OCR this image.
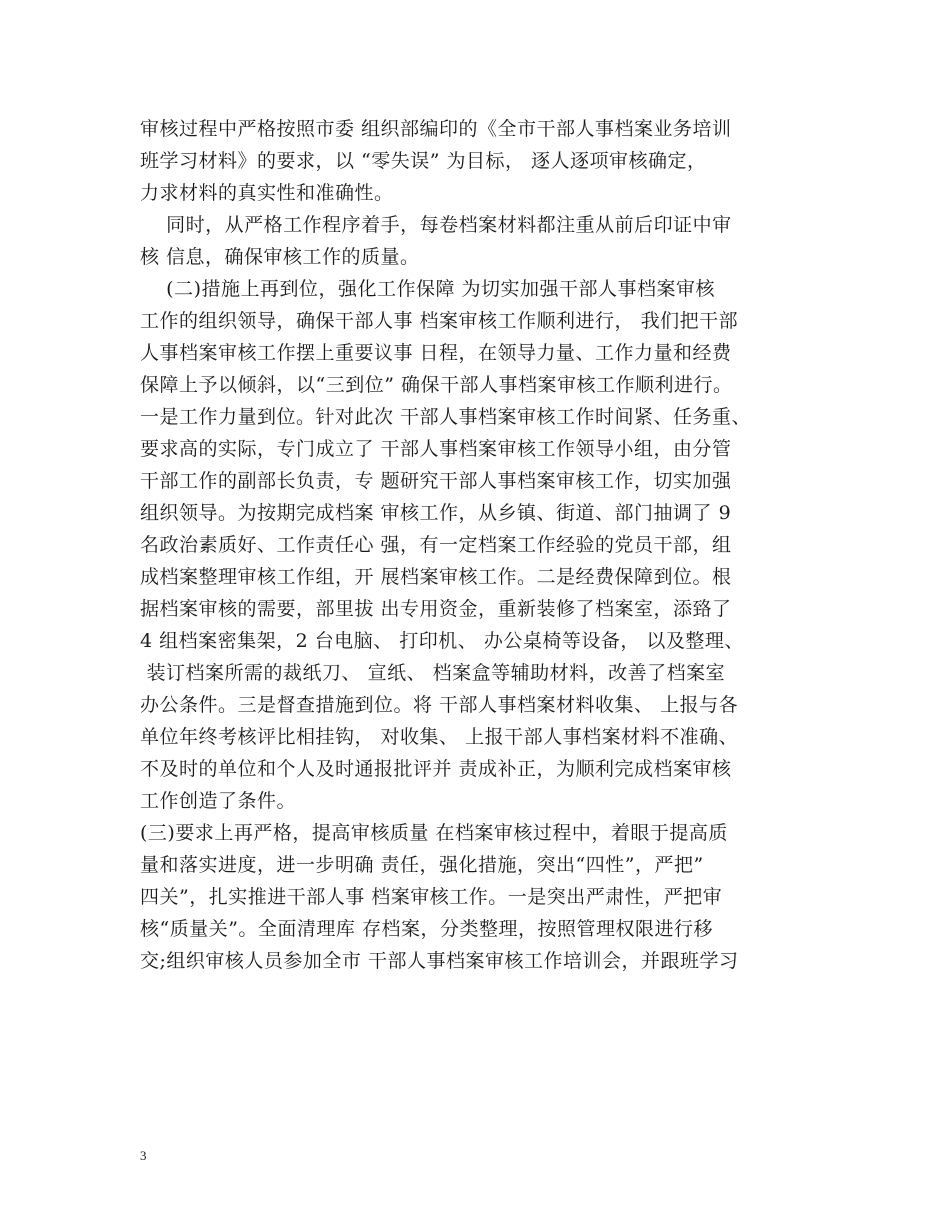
审核过程中严格按照市委 组织部编印的《全市干部人事档案业务培训
班学习材料》的要求，以 “零失误” 为目标， 逐人逐项审核确定，
力求材料的真实性和准确性。
同时，从严格工作程序着手，每卷档案材料都注重从前后印证中审
核 信息，确保审核工作的质量。
(二)措施上再到位，强化工作保障 为切实加强干部人事档案审核
工作的组织领导，确保干部人事 档案审核工作顺利进行， 我们把干部
人事档案审核工作摆上重要议事 日程，在领导力量、工作力量和经费
保障上予以倾斜，以“三到位” 确保干部人事档案审核工作顺利进行。
一是工作力量到位。针对此次 干部人事档案审核工作时间紧、任务重、
要求高的实际，专门成立了 干部人事档案审核工作领导小组，由分管
干部工作的副部长负责，专 题研究干部人事档案审核工作，切实加强
组织领导。为按期完成档案 审核工作，从乡镇、街道、部门抽调了 9
名政治素质好、工作责任心 强，有一定档案工作经验的党员干部，组
成档案整理审核工作组，开 展档案审核工作。二是经费保障到位。根
据档案审核的需要，部里拔 出专用资金，重新装修了档案室，添臵了
4 组档案密集架，2 台电脑、 打印机、 办公桌椅等设备， 以及整理、
装订档案所需的裁纸刀、 宣纸、 档案盒等辅助材料，改善了档案室
办公条件。三是督查措施到位。将 干部人事档案材料收集、 上报与各
单位年终考核评比相挂钩， 对收集、 上报干部人事档案材料不准确、
不及时的单位和个人及时通报批评并 责成补正，为顺利完成档案审核
工作创造了条件。
(三)要求上再严格，提高审核质量 在档案审核过程中，着眼于提高质
量和落实进度，进一步明确 责任，强化措施，突出“四性”，严把”
四关”，扎实推进干部人事 档案审核工作。一是突出严肃性，严把审
核“质量关”。全面清理库 存档案，分类整理，按照管理权限进行移
交;组织审核人员参加全市 干部人事档案审核工作培训会，并跟班学习
3
